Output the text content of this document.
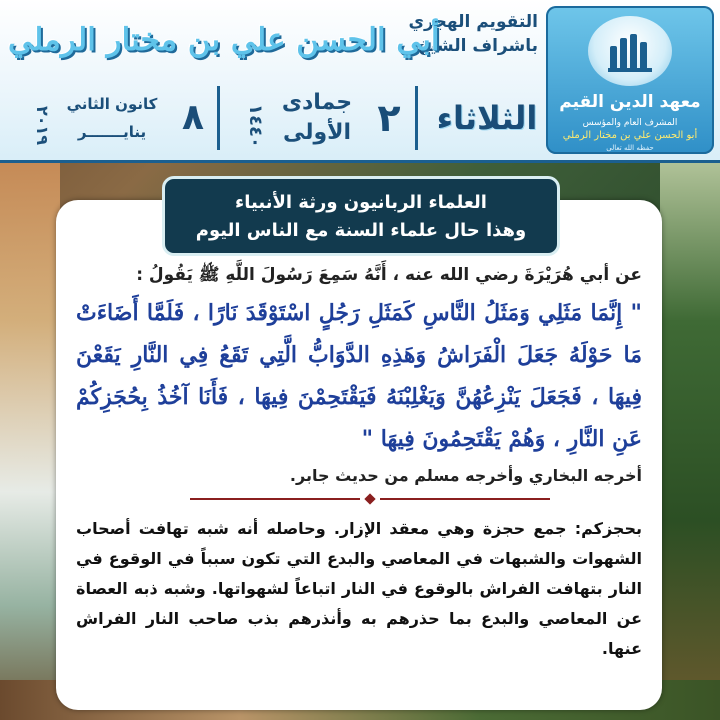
معهد الدين القيم
المشرف العام والمؤسس
أبو الحسن علي بن مختار الرملي
حفظه الله تعالى
التقويم الهجري
باشراف الشيخ
أبي الحسن علي بن مختار الرملي
الثلاثاء
٢
جمادى
الأولى
١٤٤٠
٨
كانون الثاني
ينايـــــــر
٢٠١٩
العلماء الربانيون ورثة الأنبياء
وهذا حال علماء السنة مع الناس اليوم
عن أبي هُرَيْرَةَ رضي الله عنه ، أَنَّهُ سَمِعَ رَسُولَ اللَّهِ ﷺ يَقُولُ :
" إِنَّمَا مَثَلِي وَمَثَلُ النَّاسِ كَمَثَلِ رَجُلٍ اسْتَوْقَدَ نَارًا ، فَلَمَّا أَضَاءَتْ مَا حَوْلَهُ جَعَلَ الْفَرَاشُ وَهَذِهِ الدَّوَابُّ الَّتِي تَقَعُ فِي النَّارِ يَقَعْنَ فِيهَا ، فَجَعَلَ يَنْزِعُهُنَّ وَيَغْلِبْنَهُ فَيَقْتَحِمْنَ فِيهَا ، فَأَنَا آخُذُ بِحُجَزِكُمْ عَنِ النَّارِ ، وَهُمْ يَقْتَحِمُونَ فِيهَا "
أخرجه البخاري وأخرجه مسلم من حديث جابر.
بحجزكم: جمع حجزة وهي معقد الإزار. وحاصله أنه شبه تهافت أصحاب الشهوات والشبهات في المعاصي والبدع التي تكون سبباً في الوقوع في النار بتهافت الفراش بالوقوع في النار اتباعاً لشهواتها. وشبه ذبه العصاة عن المعاصي والبدع بما حذرهم به وأنذرهم بذب صاحب النار الفراش عنها.
